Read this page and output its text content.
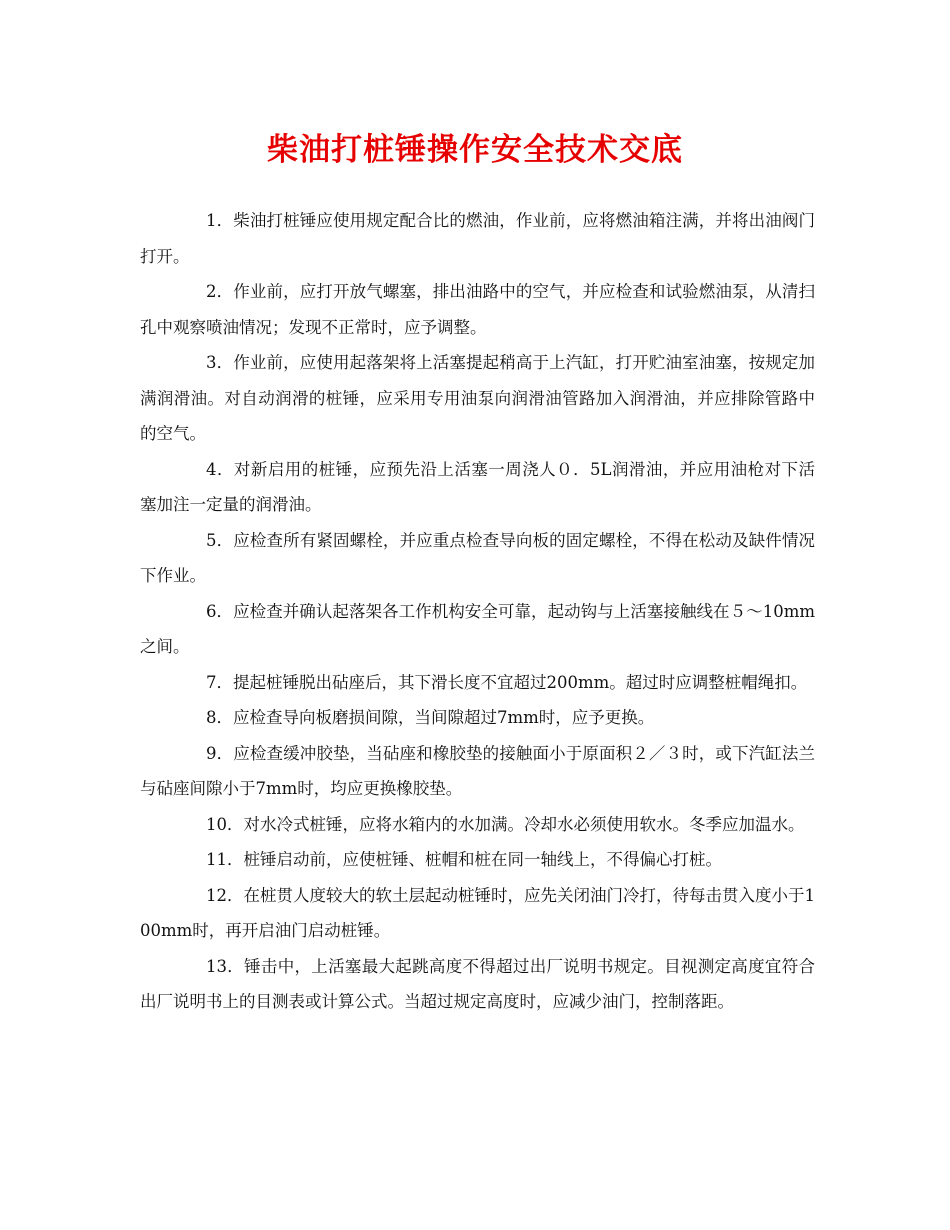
柴油打桩锤操作安全技术交底

1．柴油打桩锤应使用规定配合比的燃油，作业前，应将燃油箱注满，并将出油阀门打开。

2．作业前，应打开放气螺塞，排出油路中的空气，并应检查和试验燃油泵，从清扫孔中观察喷油情况；发现不正常时，应予调整。

3．作业前，应使用起落架将上活塞提起稍高于上汽缸，打开贮油室油塞，按规定加满润滑油。对自动润滑的桩锤，应采用专用油泵向润滑油管路加入润滑油，并应排除管路中的空气。

4．对新启用的桩锤，应预先沿上活塞一周浇人０．5L润滑油，并应用油枪对下活塞加注一定量的润滑油。

5．应检查所有紧固螺栓，并应重点检查导向板的固定螺栓，不得在松动及缺件情况下作业。

6．应检查并确认起落架各工作机构安全可靠，起动钩与上活塞接触线在５～10mm之间。

7．提起桩锤脱出砧座后，其下滑长度不宜超过200mm。超过时应调整桩帽绳扣。

8．应检查导向板磨损间隙，当间隙超过7mm时，应予更换。

9．应检查缓冲胶垫，当砧座和橡胶垫的接触面小于原面积２／３时，或下汽缸法兰与砧座间隙小于7mm时，均应更换橡胶垫。

10．对水冷式桩锤，应将水箱内的水加满。冷却水必须使用软水。冬季应加温水。

11．桩锤启动前，应使桩锤、桩帽和桩在同一轴线上，不得偏心打桩。

12．在桩贯人度较大的软土层起动桩锤时，应先关闭油门冷打，待每击贯入度小于100mm时，再开启油门启动桩锤。

13．锤击中，上活塞最大起跳高度不得超过出厂说明书规定。目视测定高度宜符合出厂说明书上的目测表或计算公式。当超过规定高度时，应减少油门，控制落距。
